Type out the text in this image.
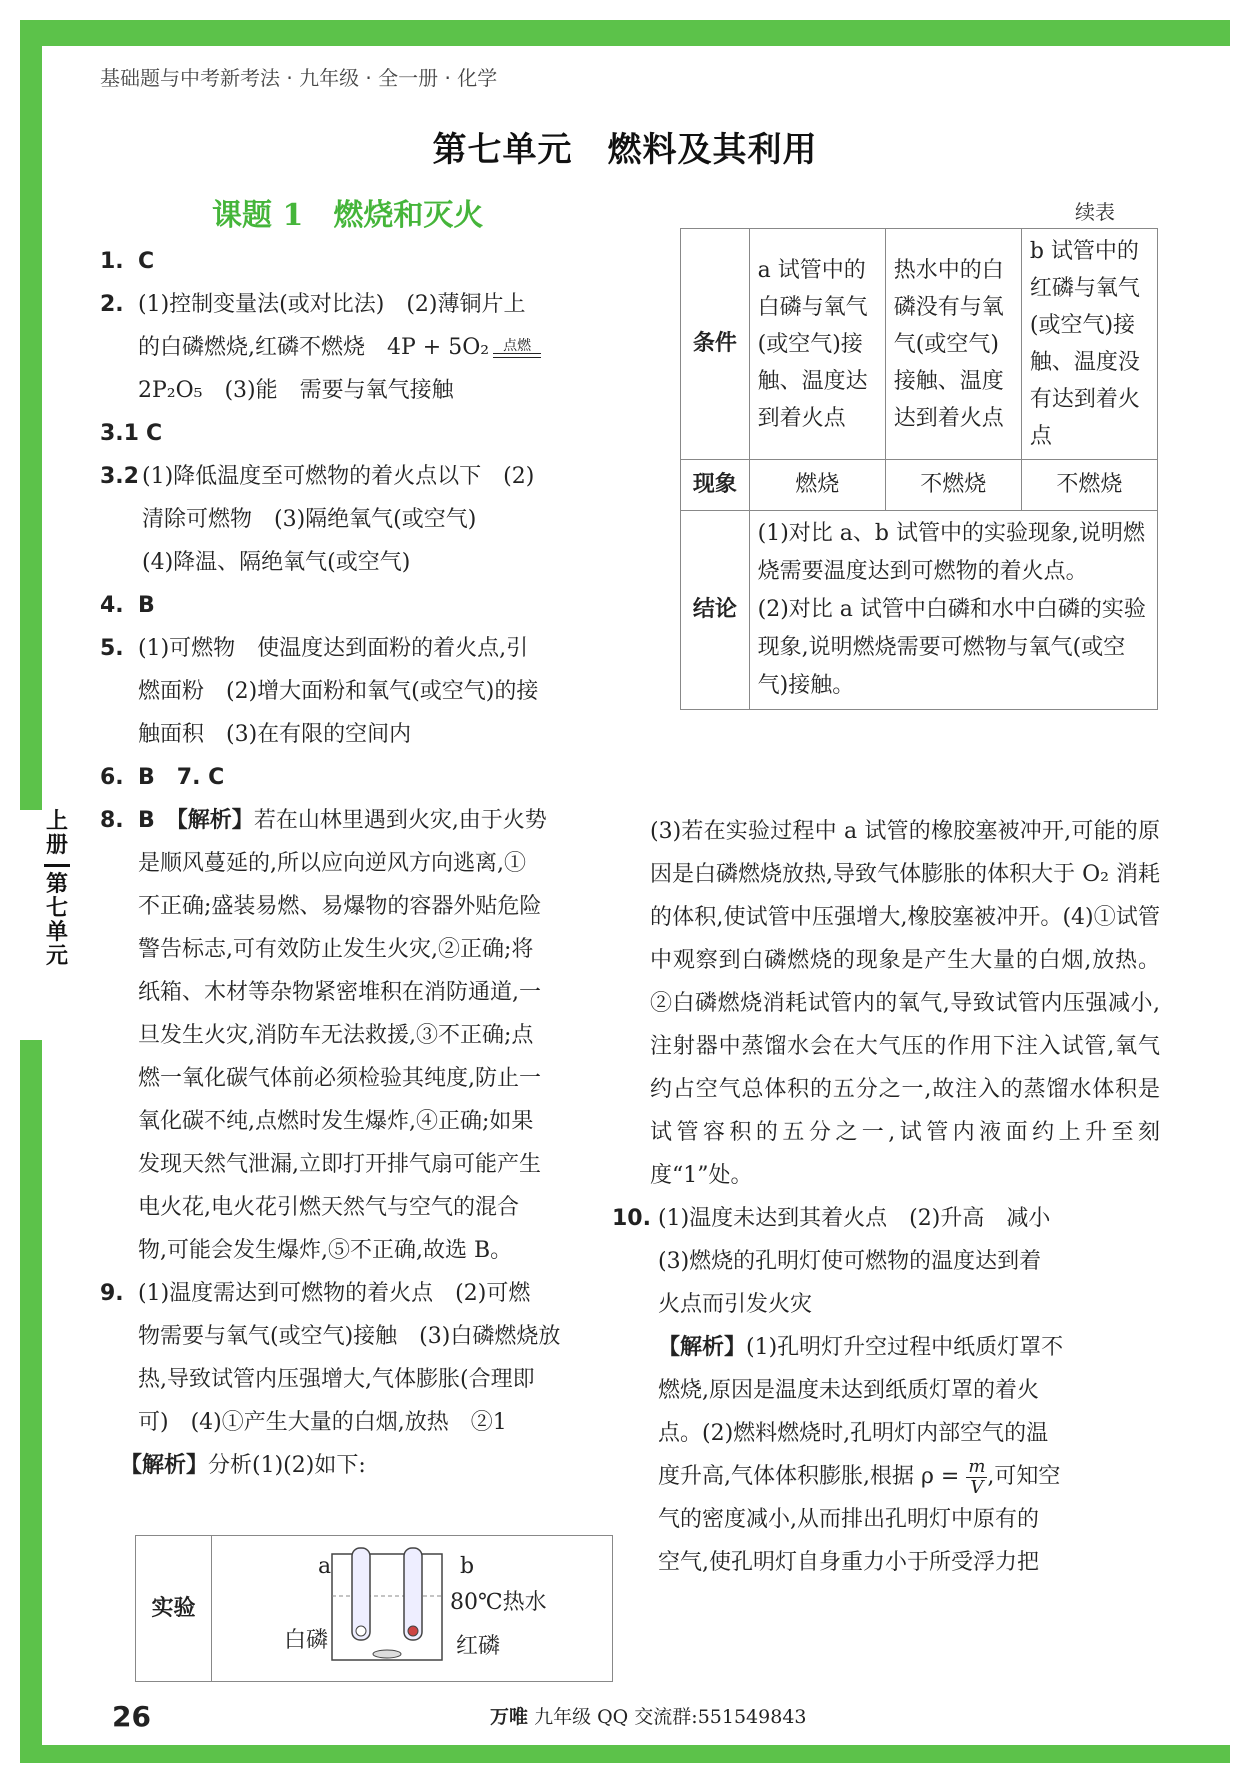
上册
第七单元
基础题与中考新考法 · 九年级 · 全一册 · 化学
第七单元　燃料及其利用
课题 1　燃烧和灭火	续表
1. C
2. (1)控制变量法(或对比法)　(2)薄铜片上
的白磷燃烧,红磷不燃烧　4P + 5O₂ 点燃
2P₂O₅　(3)能　需要与氧气接触
3.1 C
3.2 (1)降低温度至可燃物的着火点以下　(2)
清除可燃物　(3)隔绝氧气(或空气)
(4)降温、隔绝氧气(或空气)
4. B
5. (1)可燃物　使温度达到面粉的着火点,引
燃面粉　(2)增大面粉和氧气(或空气)的接
触面积　(3)在有限的空间内
6. B　7. C
8. B　 【解析】若在山林里遇到火灾,由于火势
是顺风蔓延的,所以应向逆风方向逃离,①
不正确;盛装易燃、易爆物的容器外贴危险
警告标志,可有效防止发生火灾,②正确;将
纸箱、木材等杂物紧密堆积在消防通道,一
旦发生火灾,消防车无法救援,③不正确;点
燃一氧化碳气体前必须检验其纯度,防止一
氧化碳不纯,点燃时发生爆炸,④正确;如果
发现天然气泄漏,立即打开排气扇可能产生
电火花,电火花引燃天然气与空气的混合
物,可能会发生爆炸,⑤不正确,故选 B。
9. (1)温度需达到可燃物的着火点　(2)可燃
物需要与氧气(或空气)接触　(3)白磷燃烧放
热,导致试管内压强增大,气体膨胀(合理即
可)　(4)①产生大量的白烟,放热　②1
【解析】分析(1)(2)如下:
实验	
a	b
80℃热水
白磷	红磷
条件	a 试管中的白磷与氧气(或空气)接触、温度达到着火点	热水中的白磷没有与氧气(或空气)接触、温度达到着火点	b 试管中的红磷与氧气(或空气)接触、温度没有达到着火点
现象	燃烧	不燃烧	不燃烧
结论	(1)对比 a、b 试管中的实验现象,说明燃烧需要温度达到可燃物的着火点。
(2)对比 a 试管中白磷和水中白磷的实验现象,说明燃烧需要可燃物与氧气(或空气)接触。		
(3)若在实验过程中 a 试管的橡胶塞被冲开,可能的原因是白磷燃烧放热,导致气体膨胀的体积大于 O₂ 消耗的体积,使试管中压强增大,橡胶塞被冲开。(4)①试管中观察到白磷燃烧的现象是产生大量的白烟,放热。②白磷燃烧消耗试管内的氧气,导致试管内压强减小,注射器中蒸馏水会在大气压的作用下注入试管,氧气约占空气总体积的五分之一,故注入的蒸馏水体积是试管容积的五分之一,试管内液面约上升至刻度“1”处。
10. (1)温度未达到其着火点　(2)升高　减小
(3)燃烧的孔明灯使可燃物的温度达到着
火点而引发火灾
【解析】(1)孔明灯升空过程中纸质灯罩不
燃烧,原因是温度未达到纸质灯罩的着火
点。(2)燃料燃烧时,孔明灯内部空气的温
度升高,气体体积膨胀,根据 $\rho = \frac{m}{V}$ ,可知空
气的密度减小,从而排出孔明灯中原有的
空气,使孔明灯自身重力小于所受浮力把
26	万唯 九年级 QQ 交流群:551549843
